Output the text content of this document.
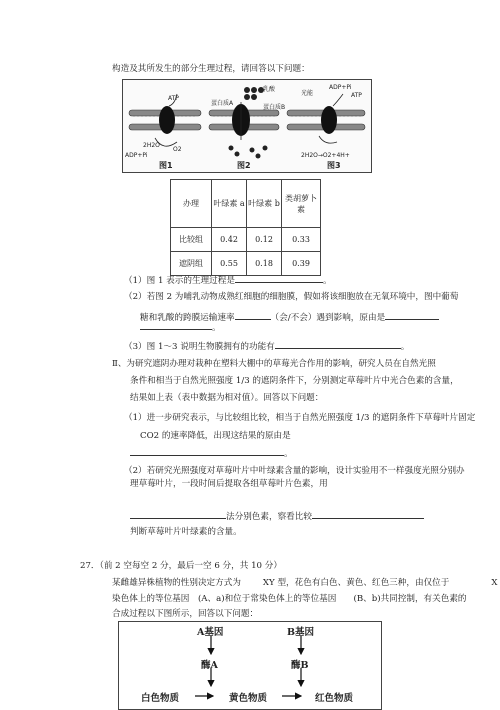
构造及其所发生的部分生理过程，请回答以下问题：
ATP
ADP+Pi
2H2O
O2
蛋白质A
乳酸
蛋白质B
光能
ADP+Pi
ATP
2H2O→O2+4H+
图1	图2	图3
办理	叶绿素 a	叶绿素 b	类胡萝卜素
比较组	0.42	0.12	0.33
遮阴组	0.55	0.18	0.39
（1）图 1 表示的生理过程是	。
（2）若图 2 为哺乳动物成熟红细胞的细胞膜，假如将该细胞放在无氧环境中，图中葡萄
糖和乳酸的跨膜运输速率	（会/不会）遇到影响，原由是
。
（3）图 1～3 说明生物膜拥有的功能有	。
Ⅱ、为研究遮阴办理对栽种在塑料大棚中的草莓光合作用的影响，研究人员在自然光照
条件和相当于自然光照强度 1/3 的遮阴条件下，分别测定草莓叶片中光合色素的含量，
结果如上表（表中数据为相对值）。回答以下问题：
（1）进一步研究表示，与比较组比较，相当于自然光照强度 1/3 的遮阴条件下草莓叶片固定
CO2 的速率降低，出现这结果的原由是
。
（2）若研究光照强度对草莓叶片中叶绿素含量的影响，设计实验用不一样强度光照分别办
理草莓叶片，一段时间后提取各组草莓叶片色素，用
法分别色素，察看比较
判断草莓叶片叶绿素的含量。
27．（前 2 空每空 2 分，最后一空 6 分，共 10 分）
某雌雄异株植物的性别决定方式为	XY 型，花色有白色、黄色、红色三种，由仅位于	X
染色体上的等位基因　(A、a)和位于常染色体上的等位基因　　(B、b)共同控制，有关色素的
合成过程以下图所示，回答以下问题：
A基因	B基因
酶A	酶B
白色物质	黄色物质	红色物质
